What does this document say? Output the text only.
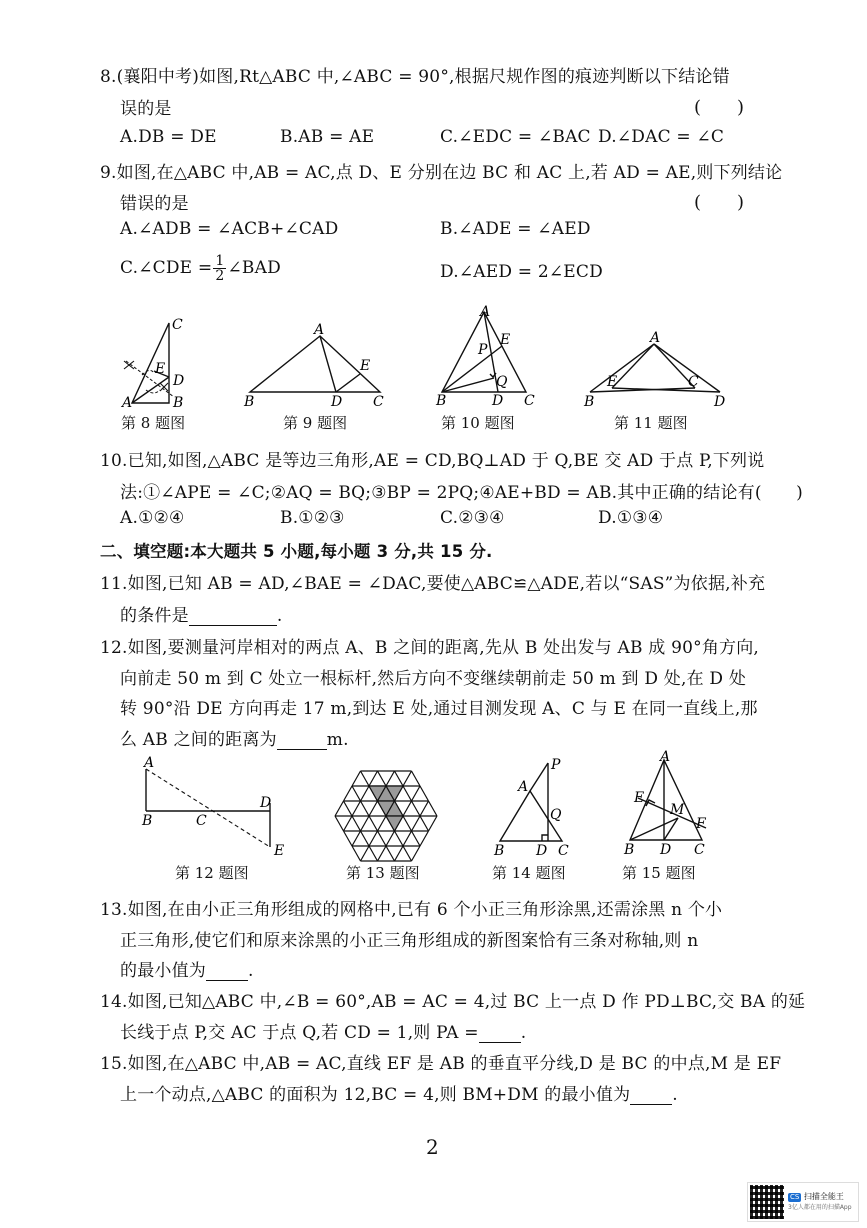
8.(襄阳中考)如图,Rt△ABC 中,∠ABC = 90°,根据尺规作图的痕迹判断以下结论错
误的是	(　　)
A.DB = DE	B.AB = AE	C.∠EDC = ∠BAC D.∠DAC = ∠C
9.如图,在△ABC 中,AB = AC,点 D、E 分别在边 BC 和 AC 上,若 AD = AE,则下列结论
错误的是	(　　)
A.∠ADB = ∠ACB+∠CAD	B.∠ADE = ∠AED
C.∠CDE = $\frac{1}{2}$ ∠BAD	D.∠AED = 2∠ECD
C
E
D
A	B
第 8 题图
A
E
B	D C
第 9 题图
A
P
E
Q
B	D C
第 10 题图
A
E	C
B	D
第 11 题图
10.已知,如图,△ABC 是等边三角形,AE = CD,BQ⊥AD 于 Q,BE 交 AD 于点 P,下列说
法:①∠APE = ∠C;②AQ = BQ;③BP = 2PQ;④AE+BD = AB.其中正确的结论有(　　)
A.①②④	B.①②③	C.②③④	D.①③④
二、填空题:本大题共 5 小题,每小题 3 分,共 15 分.
11.如图,已知 AB = AD,∠BAE = ∠DAC,要使△ABC≌△ADE,若以“SAS”为依据,补充
的条件是	.
12.如图,要测量河岸相对的两点 A、B 之间的距离,先从 B 处出发与 AB 成 90°角方向,
向前走 50 m 到 C 处立一根标杆,然后方向不变继续朝前走 50 m 到 D 处,在 D 处
转 90°沿 DE 方向再走 17 m,到达 E 处,通过目测发现 A、C 与 E 在同一直线上,那
么 AB 之间的距离为	m.
A
B	C
D
E
第 12 题图	第 13 题图
P
A
Q
B D C
第 14 题图
A
E
M
F
B D C
第 15 题图
13.如图,在由小正三角形组成的网格中,已有 6 个小正三角形涂黑,还需涂黑 n 个小
正三角形,使它们和原来涂黑的小正三角形组成的新图案恰有三条对称轴,则 n
的最小值为 .
14.如图,已知△ABC 中,∠B = 60°,AB = AC = 4,过 BC 上一点 D 作 PD⊥BC,交 BA 的延
长线于点 P,交 AC 于点 Q,若 CD = 1,则 PA = .
15.如图,在△ABC 中,AB = AC,直线 EF 是 AB 的垂直平分线,D 是 BC 的中点,M 是 EF
上一个动点,△ABC 的面积为 12,BC = 4,则 BM+DM 的最小值为 .
2
CS 扫描全能王
3亿人都在用的扫描App
